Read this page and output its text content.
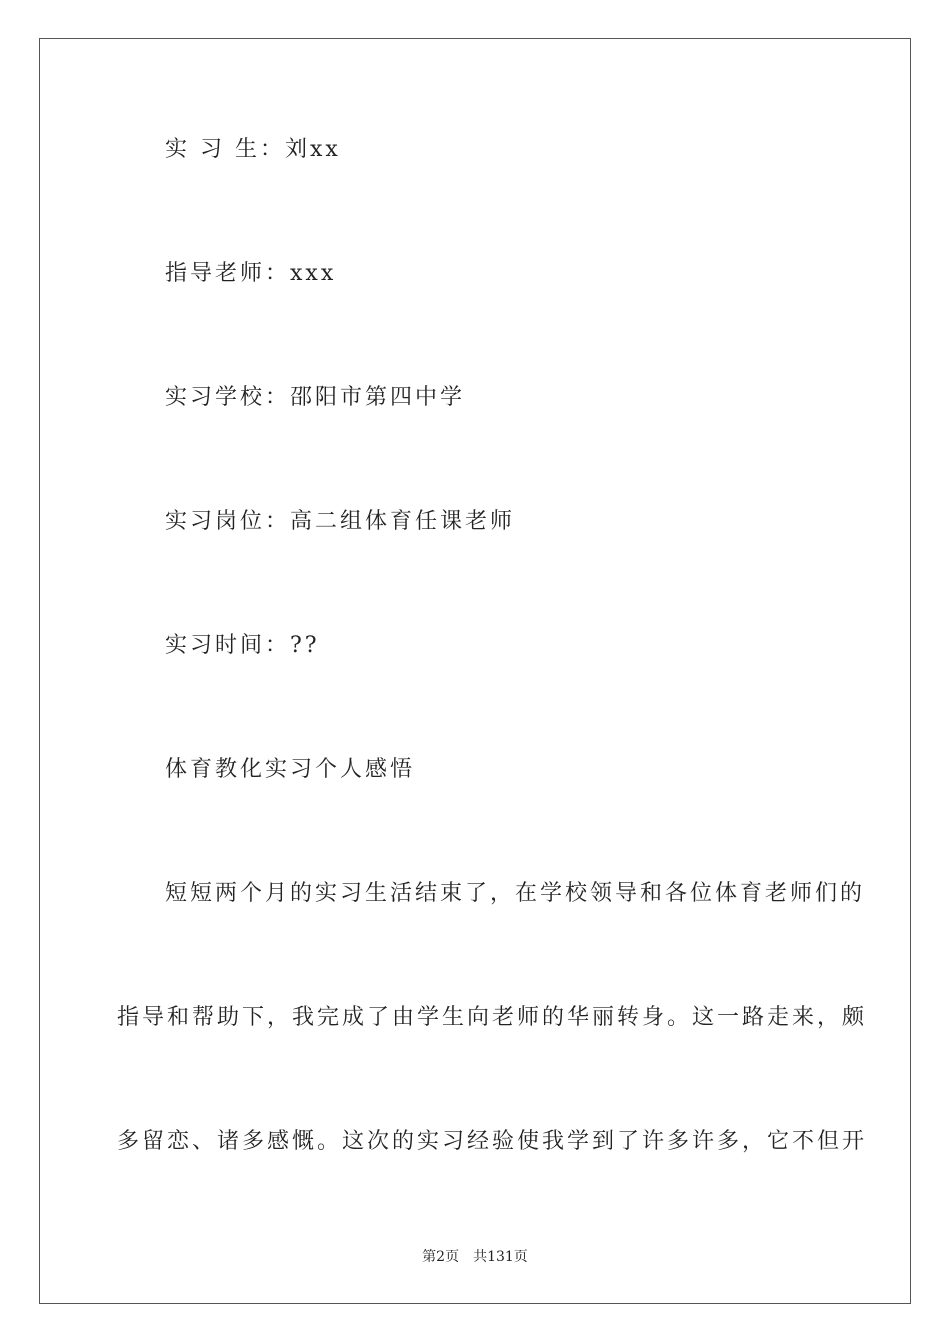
实 习 生：刘xx
指导老师：xxx
实习学校：邵阳市第四中学
实习岗位：高二组体育任课老师
实习时间：??
体育教化实习个人感悟
短短两个月的实习生活结束了，在学校领导和各位体育老师们的
指导和帮助下，我完成了由学生向老师的华丽转身。这一路走来，颇
多留恋、诸多感慨。这次的实习经验使我学到了许多许多，它不但开
第2页　共131页
